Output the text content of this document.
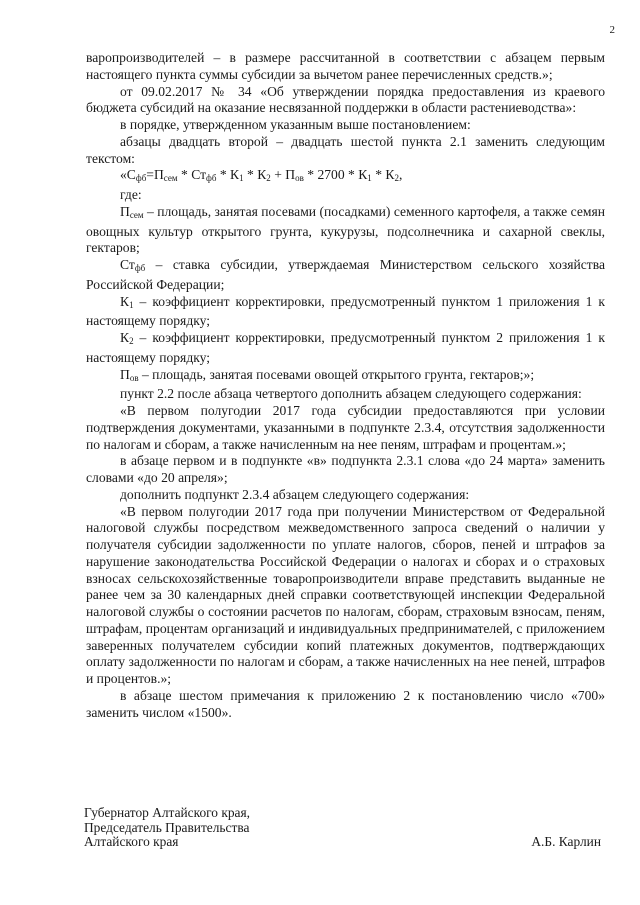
2

варопроизводителей – в размере рассчитанной в соответствии с абзацем первым настоящего пункта суммы субсидии за вычетом ранее перечисленных средств.»;

от 09.02.2017 № 34 «Об утверждении порядка предоставления из краевого бюджета субсидий на оказание несвязанной поддержки в области растениеводства»:

в порядке, утвержденном указанным выше постановлением:

абзацы двадцать второй – двадцать шестой пункта 2.1 заменить следующим текстом:

«$С_{фб}=П_{сем} * Ст_{фб} * К_1 * К_2 + П_{ов} * 2700 * К_1 * К_2$,

где:

$П_{сем}$ – площадь, занятая посевами (посадками) семенного картофеля, а также семян овощных культур открытого грунта, кукурузы, подсолнечника и сахарной свеклы, гектаров;

$Ст_{фб}$ – ставка субсидии, утверждаемая Министерством сельского хозяйства Российской Федерации;

$К_1$ – коэффициент корректировки, предусмотренный пунктом 1 приложения 1 к настоящему порядку;

$К_2$ – коэффициент корректировки, предусмотренный пунктом 2 приложения 1 к настоящему порядку;

$П_{ов}$ – площадь, занятая посевами овощей открытого грунта, гектаров;»;

пункт 2.2 после абзаца четвертого дополнить абзацем следующего содержания:

«В первом полугодии 2017 года субсидии предоставляются при условии подтверждения документами, указанными в подпункте 2.3.4, отсутствия задолженности по налогам и сборам, а также начисленным на нее пеням, штрафам и процентам.»;

в абзаце первом и в подпункте «в» подпункта 2.3.1 слова «до 24 марта» заменить словами «до 20 апреля»;

дополнить подпункт 2.3.4 абзацем следующего содержания:

«В первом полугодии 2017 года при получении Министерством от Федеральной налоговой службы посредством межведомственного запроса сведений о наличии у получателя субсидии задолженности по уплате налогов, сборов, пеней и штрафов за нарушение законодательства Российской Федерации о налогах и сборах и о страховых взносах сельскохозяйственные товаропроизводители вправе представить выданные не ранее чем за 30 календарных дней справки соответствующей инспекции Федеральной налоговой службы о состоянии расчетов по налогам, сборам, страховым взносам, пеням, штрафам, процентам организаций и индивидуальных предпринимателей, с приложением заверенных получателем субсидии копий платежных документов, подтверждающих оплату задолженности по налогам и сборам, а также начисленных на нее пеней, штрафов и процентов.»;

в абзаце шестом примечания к приложению 2 к постановлению число «700» заменить числом «1500».

Губернатор Алтайского края,
Председатель Правительства
Алтайского края	А.Б. Карлин
